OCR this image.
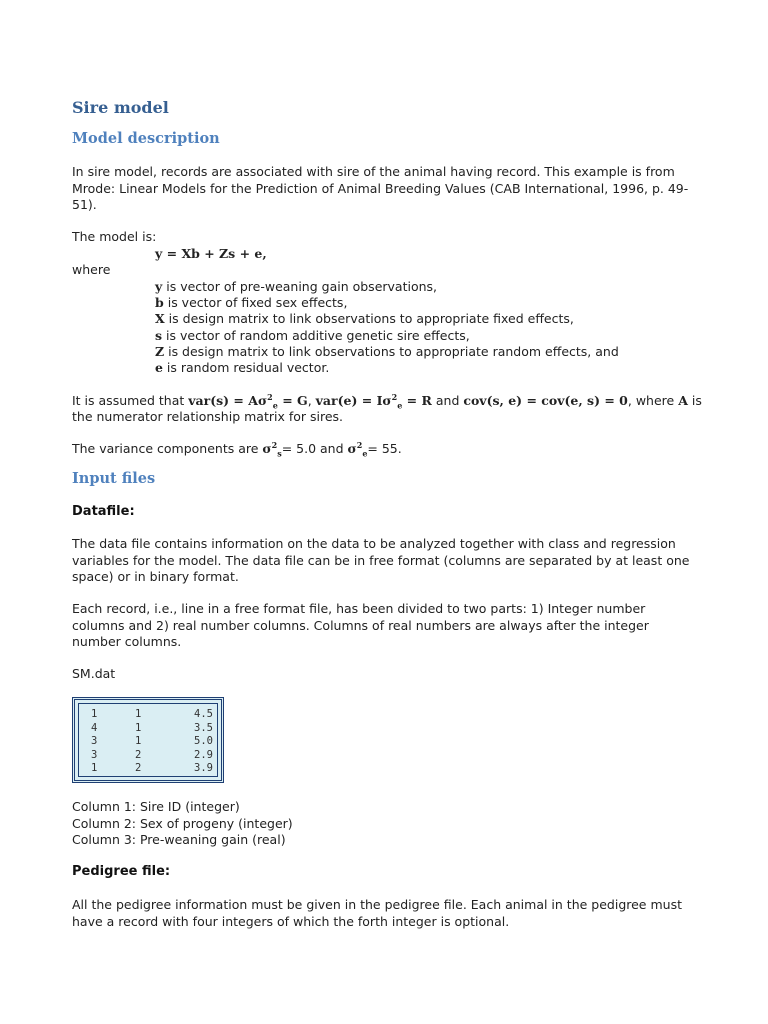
Sire model
Model description

In sire model, records are associated with sire of the animal having record. This example is from Mrode: Linear Models for the Prediction of Animal Breeding Values (CAB International, 1996, p. 49-51).

The model is:
y = Xb + Zs + e,
where
y is vector of pre-weaning gain observations,
b is vector of fixed sex effects,
X is design matrix to link observations to appropriate fixed effects,
s is vector of random additive genetic sire effects,
Z is design matrix to link observations to appropriate random effects, and
e is random residual vector.
It is assumed that $var(s) = A\sigma^2_e = G$, $var(e) = I\sigma^2_e = R$ and cov(s, e) = cov(e, s) = 0, where A is
the numerator relationship matrix for sires.
The variance components are $\sigma^2_s= 5.0$ and $\sigma^2_e= 55$.
Input files
Datafile:

The data file contains information on the data to be analyzed together with class and regression variables for the model. The data file can be in free format (columns are separated by at least one space) or in binary format.

Each record, i.e., line in a free format file, has been divided to two parts: 1) Integer number columns and 2) real number columns. Columns of real numbers are always after the integer number columns.

SM.dat
1	1	4.5
4	1	3.5
3	1	5.0
3	2	2.9
1	2	3.9
Column 1: Sire ID (integer)
Column 2: Sex of progeny (integer)
Column 3: Pre-weaning gain (real)
Pedigree file:

All the pedigree information must be given in the pedigree file. Each animal in the pedigree must have a record with four integers of which the forth integer is optional.
